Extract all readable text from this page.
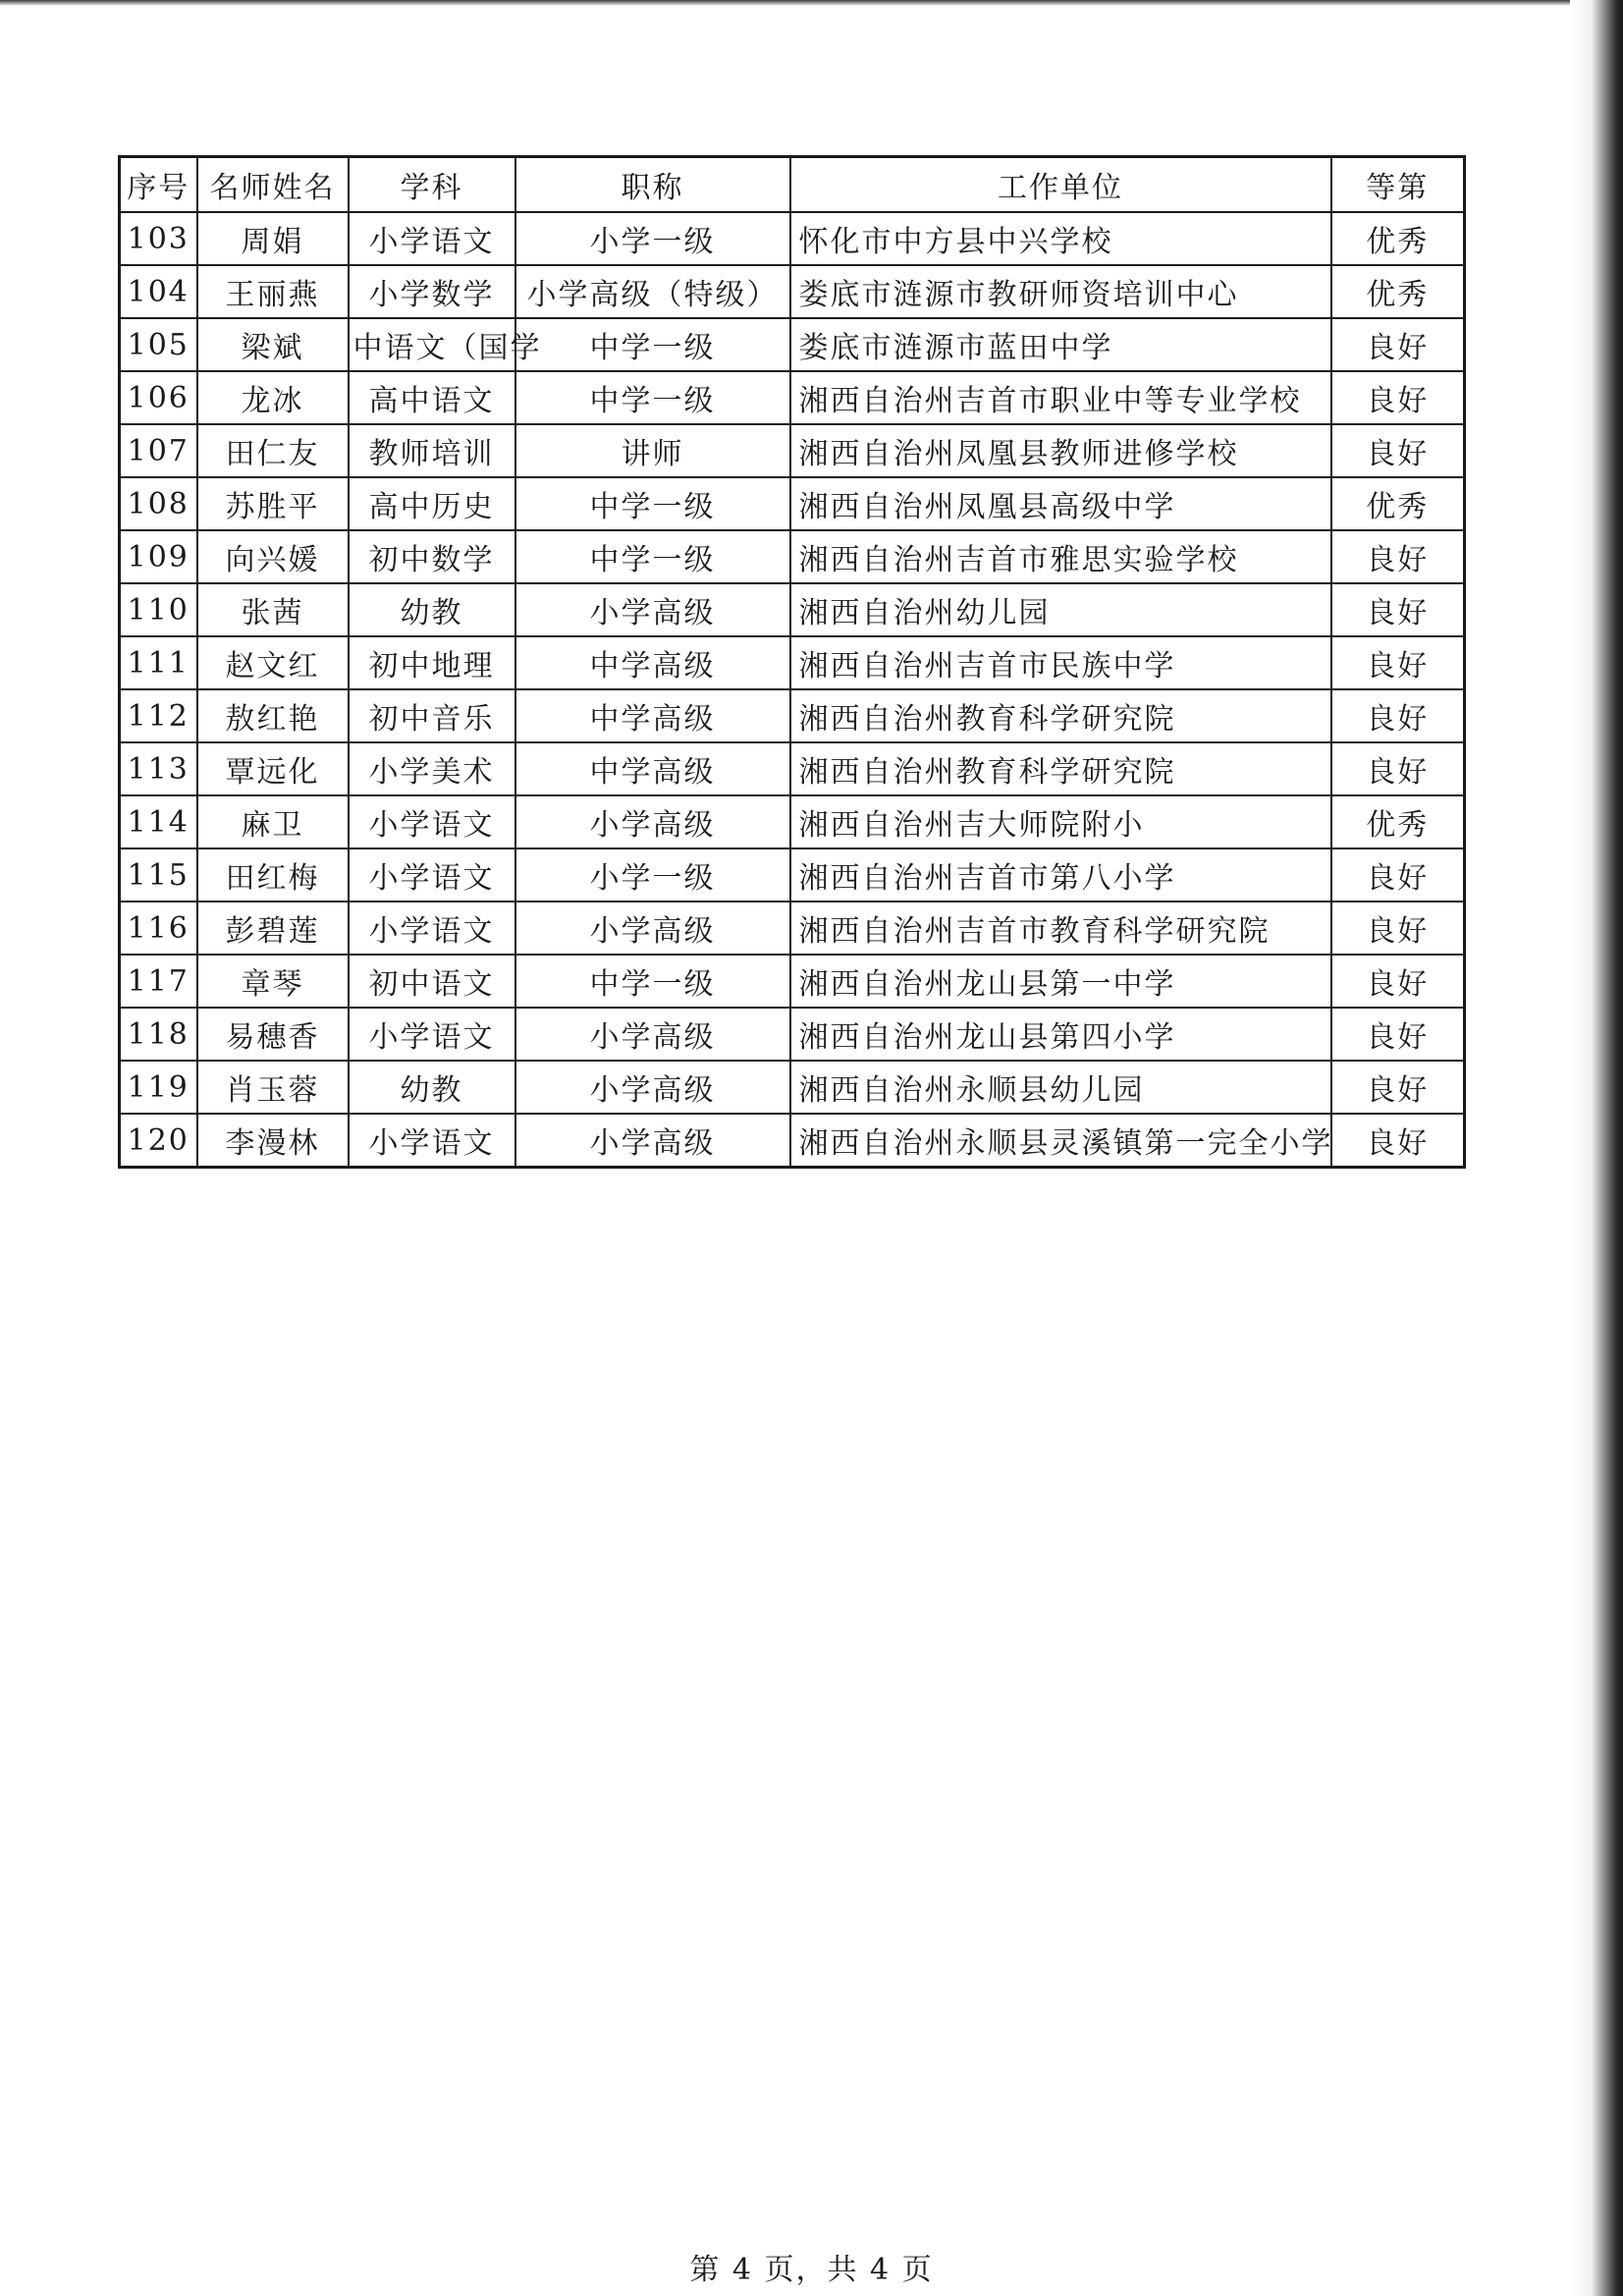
序号	名师姓名	学科	职称	工作单位	等第
103	周娟	小学语文	小学一级	怀化市中方县中兴学校	优秀
104	王丽燕	小学数学	小学高级（特级）	娄底市涟源市教研师资培训中心	优秀
105	梁斌	中语文（国学	中学一级	娄底市涟源市蓝田中学	良好
106	龙冰	高中语文	中学一级	湘西自治州吉首市职业中等专业学校	良好
107	田仁友	教师培训	讲师	湘西自治州凤凰县教师进修学校	良好
108	苏胜平	高中历史	中学一级	湘西自治州凤凰县高级中学	优秀
109	向兴媛	初中数学	中学一级	湘西自治州吉首市雅思实验学校	良好
110	张茜	幼教	小学高级	湘西自治州幼儿园	良好
111	赵文红	初中地理	中学高级	湘西自治州吉首市民族中学	良好
112	敖红艳	初中音乐	中学高级	湘西自治州教育科学研究院	良好
113	覃远化	小学美术	中学高级	湘西自治州教育科学研究院	良好
114	麻卫	小学语文	小学高级	湘西自治州吉大师院附小	优秀
115	田红梅	小学语文	小学一级	湘西自治州吉首市第八小学	良好
116	彭碧莲	小学语文	小学高级	湘西自治州吉首市教育科学研究院	良好
117	章琴	初中语文	中学一级	湘西自治州龙山县第一中学	良好
118	易穗香	小学语文	小学高级	湘西自治州龙山县第四小学	良好
119	肖玉蓉	幼教	小学高级	湘西自治州永顺县幼儿园	良好
120	李漫林	小学语文	小学高级	湘西自治州永顺县灵溪镇第一完全小学	良好
第 4 页，共 4 页
